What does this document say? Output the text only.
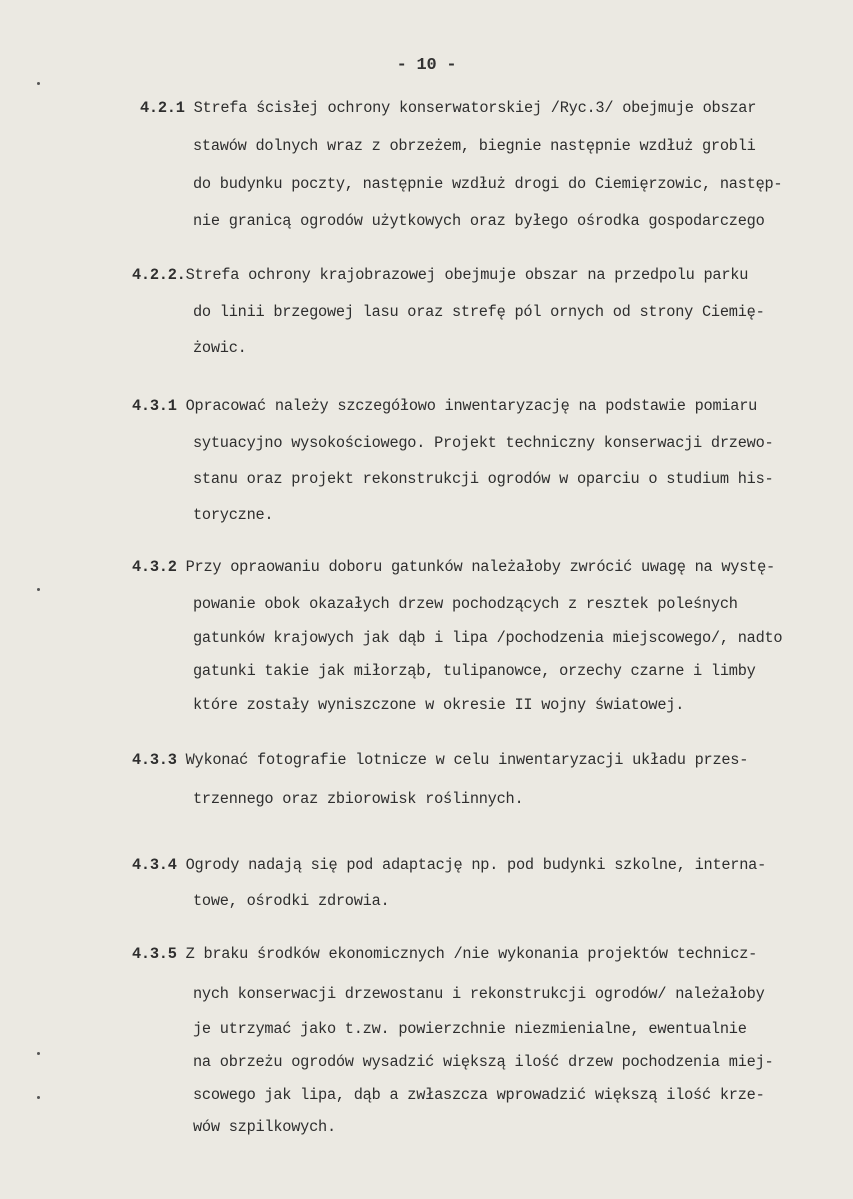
- 10 -
4.2.1 Strefa ścisłej ochrony konserwatorskiej /Ryc.3/ obejmuje obszar
stawów dolnych wraz z obrzeżem, biegnie następnie wzdłuż grobli
do budynku poczty, następnie wzdłuż drogi do Ciemięrzowic, następ-
nie granicą ogrodów użytkowych oraz byłego ośrodka gospodarczego
4.2.2.Strefa ochrony krajobrazowej obejmuje obszar na przedpolu parku
do linii brzegowej lasu oraz strefę pól ornych od strony Ciemię-
żowic.
4.3.1 Opracować należy szczegółowo inwentaryzację na podstawie pomiaru
sytuacyjno wysokościowego. Projekt techniczny konserwacji drzewo-
stanu oraz projekt rekonstrukcji ogrodów w oparciu o studium his-
toryczne.
4.3.2 Przy opraowaniu doboru gatunków należałoby zwrócić uwagę na wystę-
powanie obok okazałych drzew pochodzących z resztek poleśnych
gatunków krajowych jak dąb i lipa /pochodzenia miejscowego/, nadto
gatunki takie jak miłorząb, tulipanowce, orzechy czarne i limby
które zostały wyniszczone w okresie II wojny światowej.
4.3.3 Wykonać fotografie lotnicze w celu inwentaryzacji układu przes-
trzennego oraz zbiorowisk roślinnych.
4.3.4 Ogrody nadają się pod adaptację np. pod budynki szkolne, interna-
towe, ośrodki zdrowia.
4.3.5 Z braku środków ekonomicznych /nie wykonania projektów technicz-
nych konserwacji drzewostanu i rekonstrukcji ogrodów/ należałoby
je utrzymać jako t.zw. powierzchnie niezmienialne, ewentualnie
na obrzeżu ogrodów wysadzić większą ilość drzew pochodzenia miej-
scowego jak lipa, dąb a zwłaszcza wprowadzić większą ilość krze-
wów szpilkowych.
